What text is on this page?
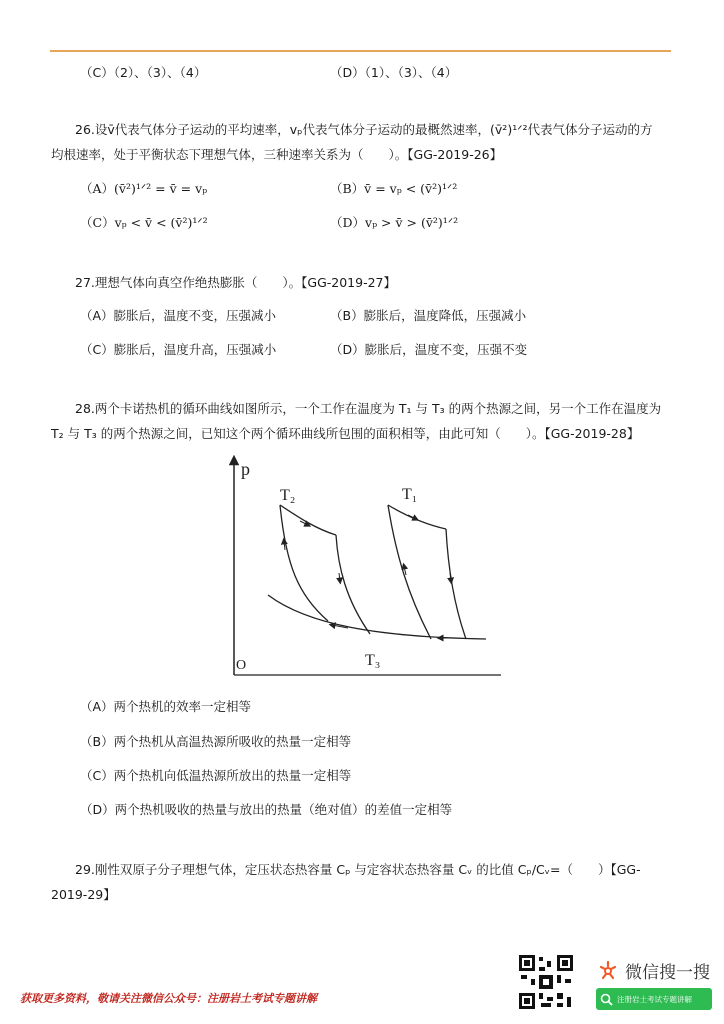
（C）（2）、（3）、（4）	（D）（1）、（3）、（4）
26.设v̄代表气体分子运动的平均速率，vₚ代表气体分子运动的最概然速率，(v̄²)¹ᐟ²代表气体分子运动的方
均根速率，处于平衡状态下理想气体，三种速率关系为（　　）。【GG-2019-26】
（A）(v̄²)¹ᐟ² = v̄ = vₚ	（B）v̄ = vₚ < (v̄²)¹ᐟ²
（C）vₚ < v̄ < (v̄²)¹ᐟ²	（D）vₚ > v̄ > (v̄²)¹ᐟ²
27.理想气体向真空作绝热膨胀（　　）。【GG-2019-27】
（A）膨胀后，温度不变，压强减小	（B）膨胀后，温度降低，压强减小
（C）膨胀后，温度升高，压强减小	（D）膨胀后，温度不变，压强不变
28.两个卡诺热机的循环曲线如图所示，一个工作在温度为 T₁ 与 T₃ 的两个热源之间，另一个工作在温度为
T₂ 与 T₃ 的两个热源之间，已知这个两个循环曲线所包围的面积相等，由此可知（　　）。【GG-2019-28】
p
O	T₃
T₂	T₁
（A）两个热机的效率一定相等
（B）两个热机从高温热源所吸收的热量一定相等
（C）两个热机向低温热源所放出的热量一定相等
（D）两个热机吸收的热量与放出的热量（绝对值）的差值一定相等
29.刚性双原子分子理想气体，定压状态热容量 Cₚ 与定容状态热容量 Cᵥ 的比值 Cₚ/Cᵥ=（　　）【GG-
2019-29】
获取更多资料，敬请关注微信公众号：注册岩土考试专题讲解
微信搜一搜
注册岩土考试专题讲解
